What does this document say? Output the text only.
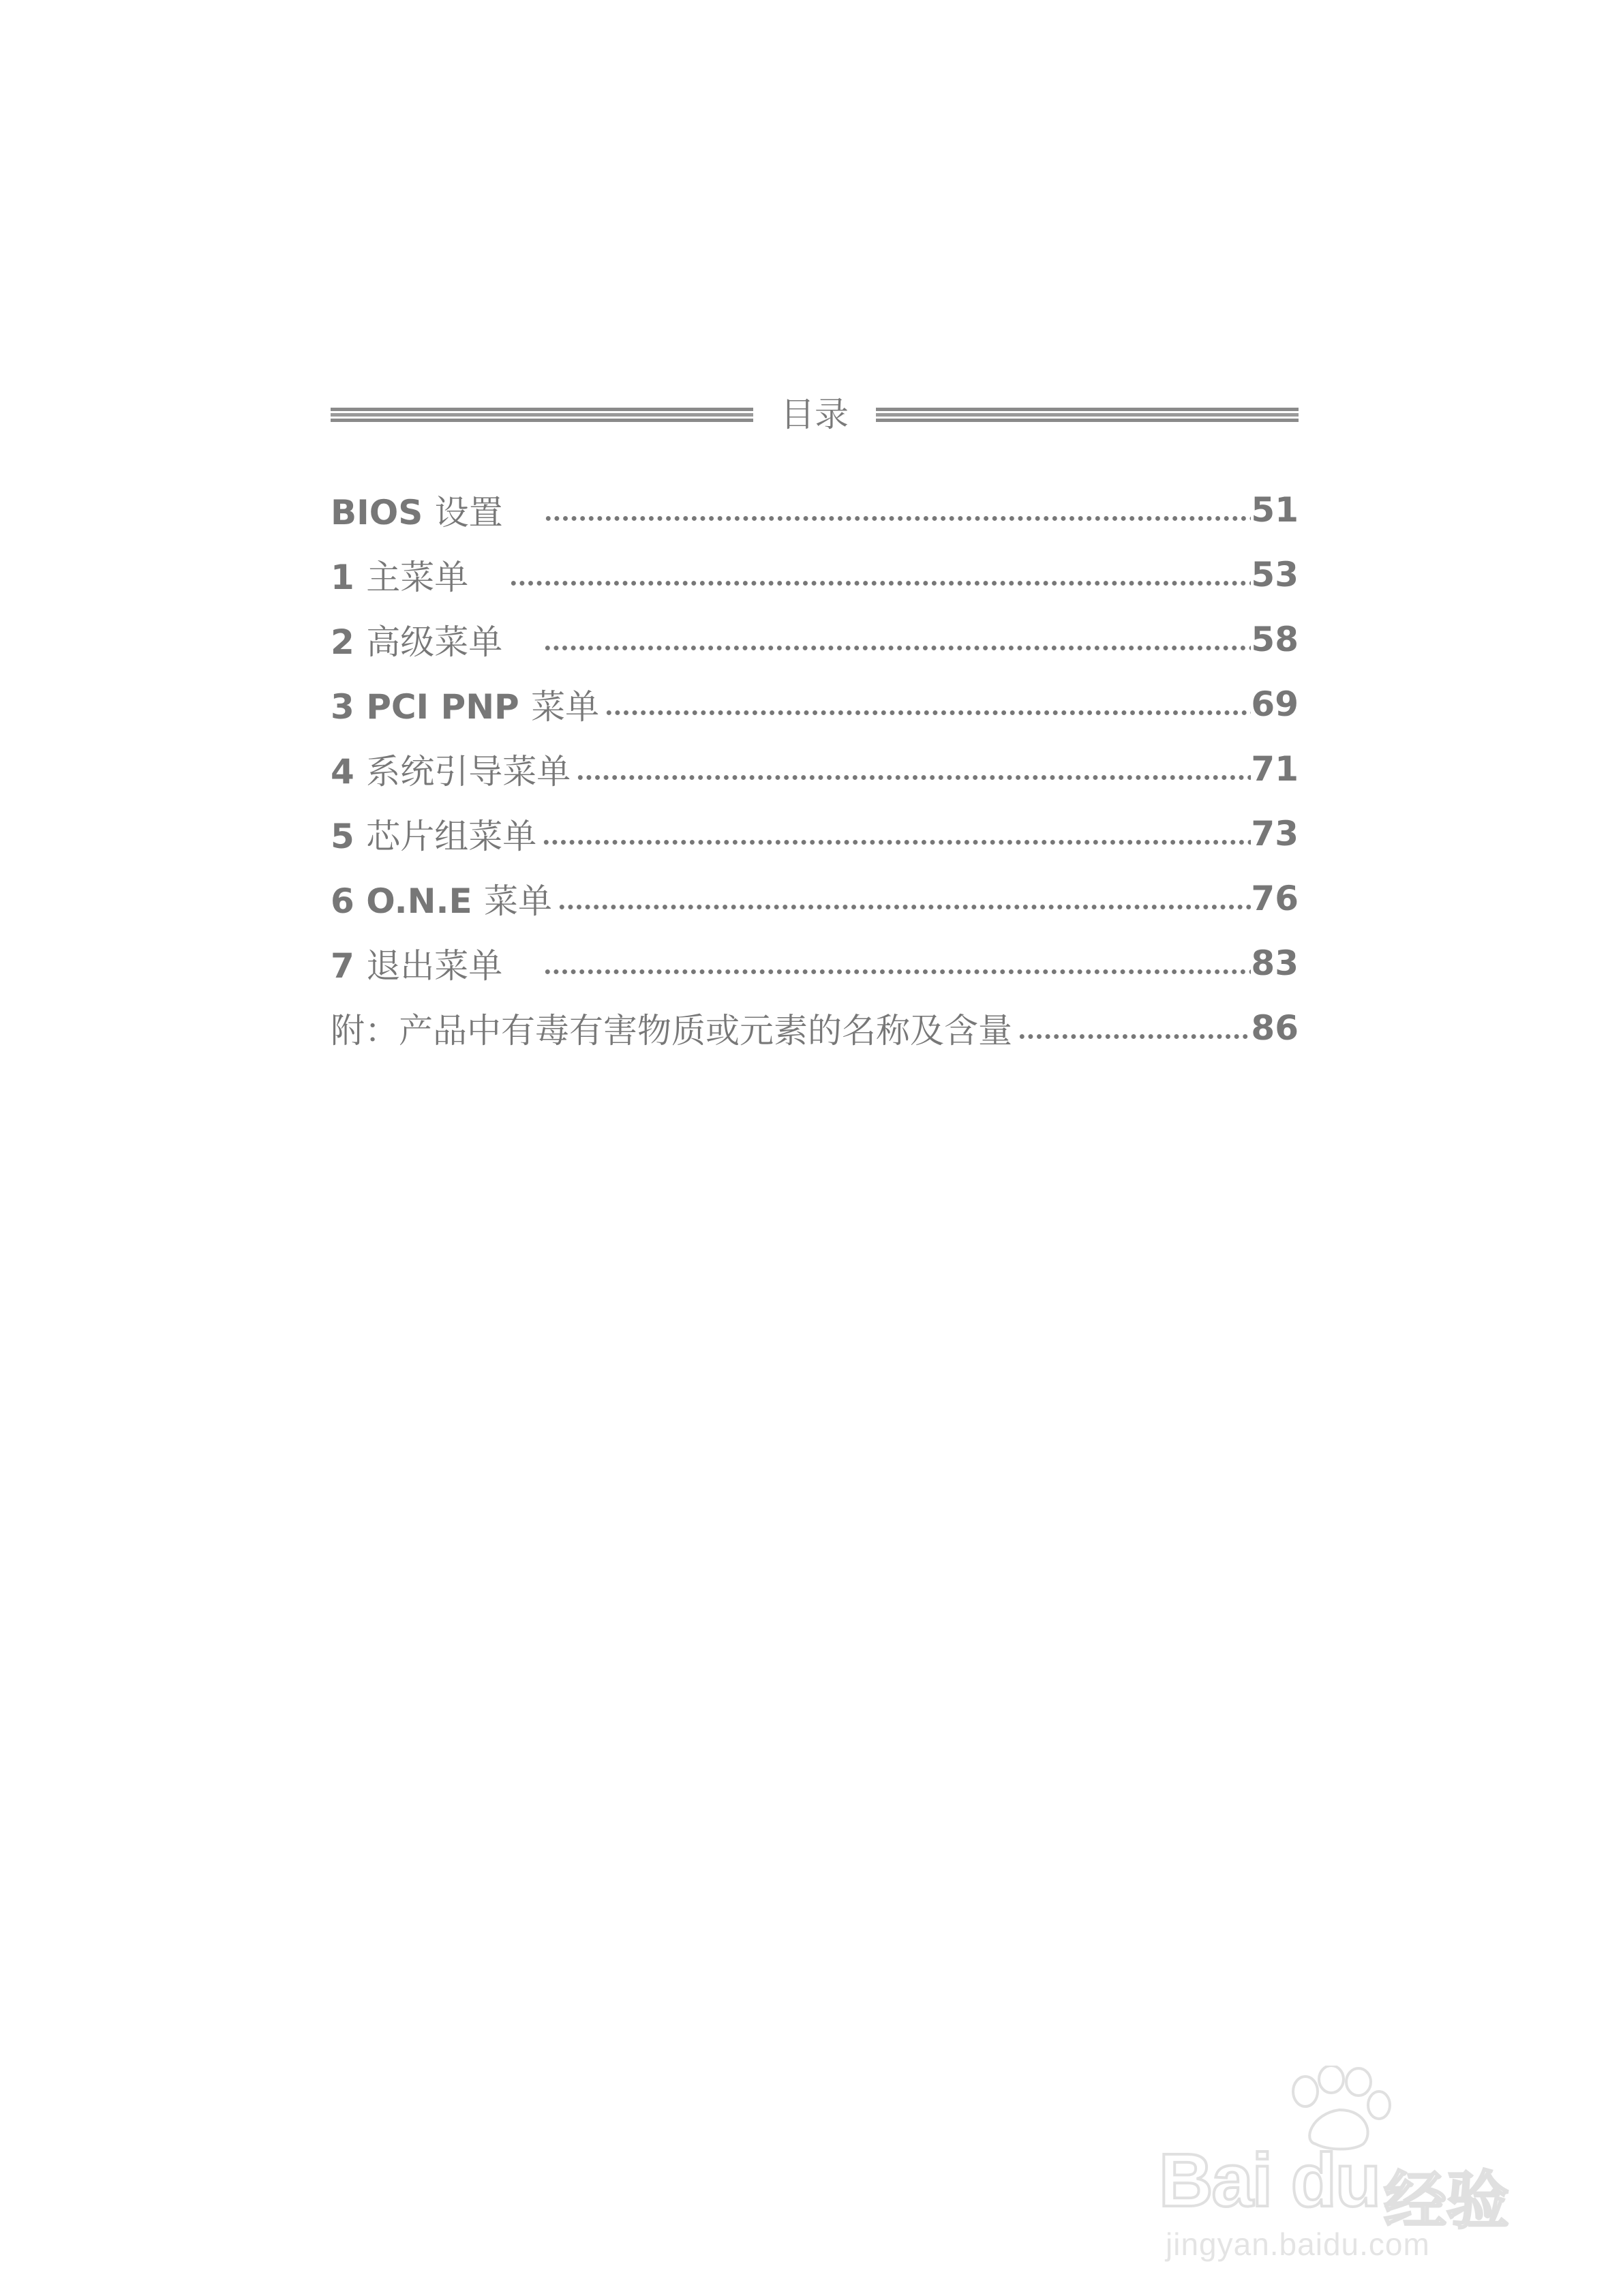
目录
BIOS 设置	51
1 主菜单	53
2 高级菜单	58
3 PCI PNP 菜单	69
4 系统引导菜单	71
5 芯片组菜单	73
6 O.N.E 菜单	76
7 退出菜单	83
附：产品中有毒有害物质或元素的名称及含量	86
Bai du 经验
jingyan.baidu.com
